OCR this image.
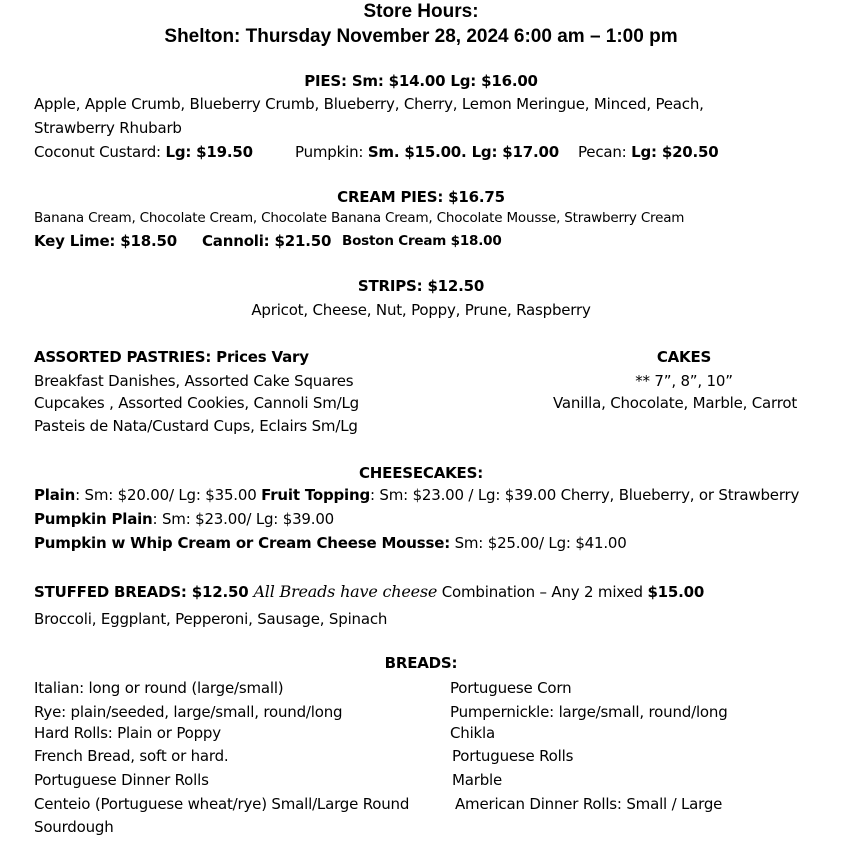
Store Hours:
Shelton: Thursday November 28, 2024 6:00 am – 1:00 pm
PIES: Sm: $14.00 Lg: $16.00
Apple, Apple Crumb, Blueberry Crumb, Blueberry, Cherry, Lemon Meringue, Minced, Peach,
Strawberry Rhubarb
Coconut Custard: Lg: $19.50	Pumpkin: Sm. $15.00. Lg: $17.00 Pecan: Lg: $20.50
CREAM PIES: $16.75
Banana Cream, Chocolate Cream, Chocolate Banana Cream, Chocolate Mousse, Strawberry Cream
Key Lime: $18.50 Cannoli: $21.50 Boston Cream $18.00
STRIPS: $12.50
Apricot, Cheese, Nut, Poppy, Prune, Raspberry
ASSORTED PASTRIES: Prices Vary
Breakfast Danishes, Assorted Cake Squares
Cupcakes , Assorted Cookies, Cannoli Sm/Lg
Pasteis de Nata/Custard Cups, Eclairs Sm/Lg
CAKES
** 7”, 8”, 10”
Vanilla, Chocolate, Marble, Carrot
CHEESECAKES:
Plain: Sm: $20.00/ Lg: $35.00 Fruit Topping: Sm: $23.00 / Lg: $39.00 Cherry, Blueberry, or Strawberry
Pumpkin Plain: Sm: $23.00/ Lg: $39.00
Pumpkin w Whip Cream or Cream Cheese Mousse: Sm: $25.00/ Lg: $41.00
STUFFED BREADS: $12.50 All Breads have cheese Combination – Any 2 mixed $15.00
Broccoli, Eggplant, Pepperoni, Sausage, Spinach
BREADS:
Italian: long or round (large/small)
Rye: plain/seeded, large/small, round/long
Hard Rolls: Plain or Poppy
French Bread, soft or hard.
Portuguese Dinner Rolls
Centeio (Portuguese wheat/rye) Small/Large Round
Sourdough
Portuguese Corn
Pumpernickle: large/small, round/long
Chikla
Portuguese Rolls
Marble
American Dinner Rolls: Small / Large
